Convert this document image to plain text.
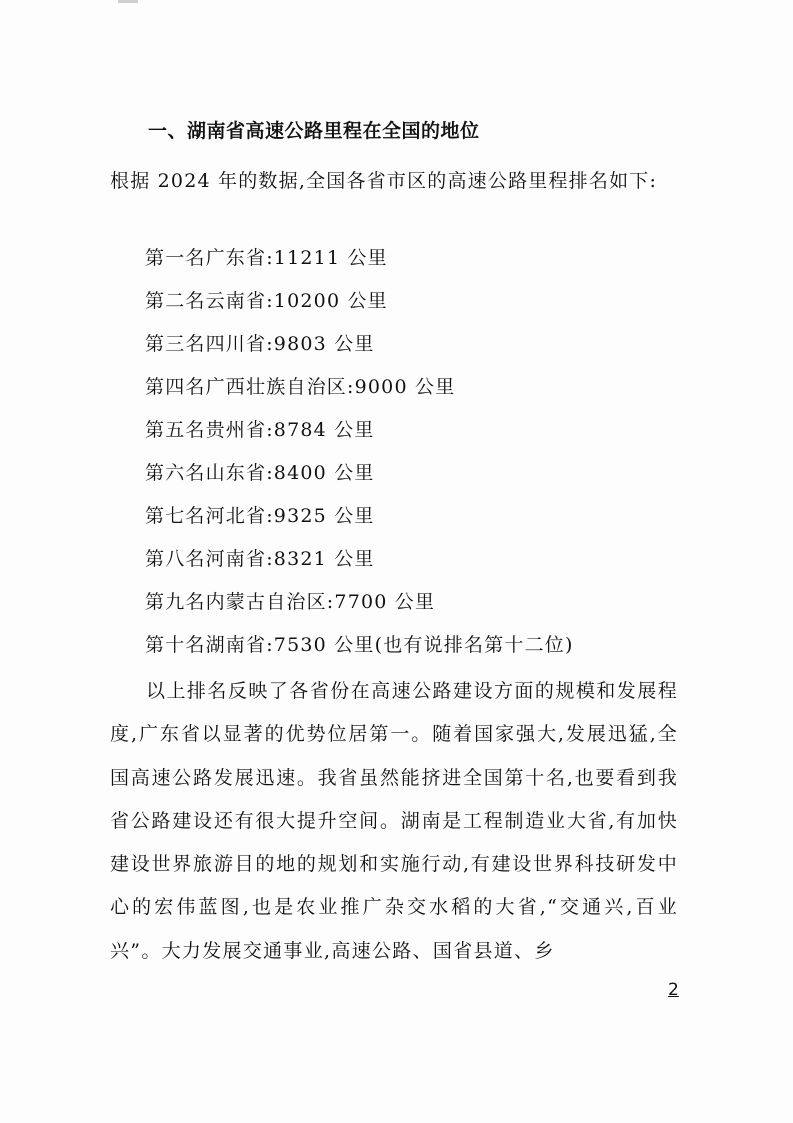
一、湖南省高速公路里程在全国的地位
根据 2024 年的数据,全国各省市区的高速公路里程排名如下:
第一名广东省:11211 公里
第二名云南省:10200 公里
第三名四川省:9803 公里
第四名广西壮族自治区:9000 公里
第五名贵州省:8784 公里
第六名山东省:8400 公里
第七名河北省:9325 公里
第八名河南省:8321 公里
第九名内蒙古自治区:7700 公里
第十名湖南省:7530 公里(也有说排名第十二位)
以上排名反映了各省份在高速公路建设方面的规模和发展程度,广东省以显著的优势位居第一。随着国家强大,发展迅猛,全国高速公路发展迅速。我省虽然能挤进全国第十名,也要看到我省公路建设还有很大提升空间。湖南是工程制造业大省,有加快建设世界旅游目的地的规划和实施行动,有建设世界科技研发中心的宏伟蓝图,也是农业推广杂交水稻的大省,“交通兴,百业兴”。大力发展交通事业,高速公路、国省县道、乡
2
